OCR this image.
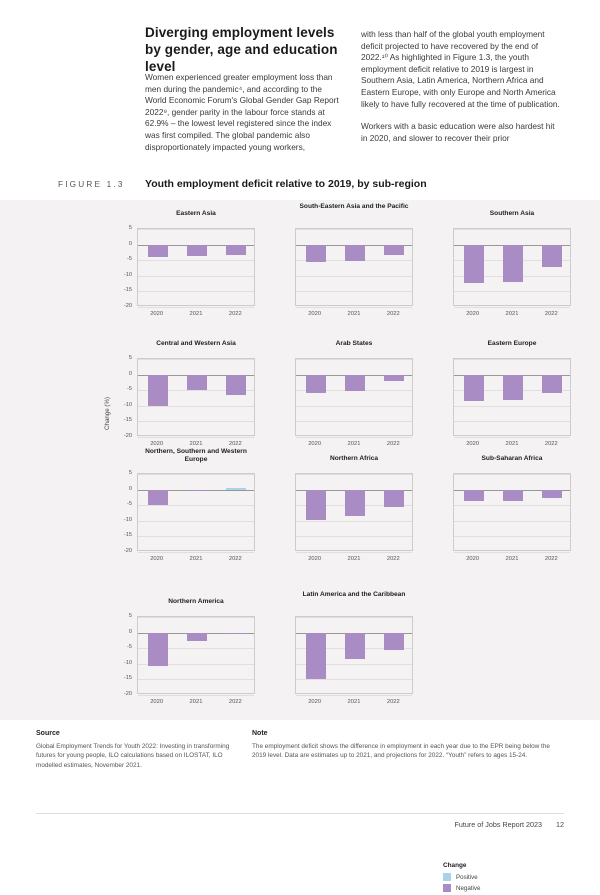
Diverging employment levels by gender, age and education level

Women experienced greater employment loss than men during the pandemic⁴, and according to the World Economic Forum's Global Gender Gap Report 2022⁹, gender parity in the labour force stands at 62.9% – the lowest level registered since the index was first compiled. The global pandemic also disproportionately impacted young workers,

with less than half of the global youth employment deficit projected to have recovered by the end of 2022.¹⁰ As highlighted in Figure 1.3, the youth employment deficit relative to 2019 is largest in Southern Asia, Latin America, Northern Africa and Eastern Europe, with only Europe and North America likely to have fully recovered at the time of publication.

Workers with a basic education were also hardest hit in 2020, and slower to recover their prior

FIGURE 1.3 Youth employment deficit relative to 2019, by sub-region
Change (%)
Eastern Asia
2020	2021	2022
5
0
-5
-10
-15
-20
South-Eastern Asia and the Pacific
2020	2021	2022
Southern Asia
2020	2021	2022
Central and Western Asia
2020	2021	2022
5
0
-5
-10
-15
-20
Arab States
2020	2021	2022
Eastern Europe
2020	2021	2022
Northern, Southern and Western Europe
2020	2021	2022
5
0
-5
-10
-15
-20
Northern Africa
2020	2021	2022
Sub-Saharan Africa
2020	2021	2022
Northern America
2020	2021	2022
5
0
-5
-10
-15
-20
Latin America and the Caribbean
2020	2021	2022
Change
Positive
Negative
Source

Global Employment Trends for Youth 2022: Investing in transforming futures for young people, ILO calculations based on ILOSTAT, ILO modelled estimates, November 2021.

Note

The employment deficit shows the difference in employment in each year due to the EPR being below the 2019 level. Data are estimates up to 2021, and projections for 2022. “Youth” refers to ages 15-24.

Future of Jobs Report 2023 12
